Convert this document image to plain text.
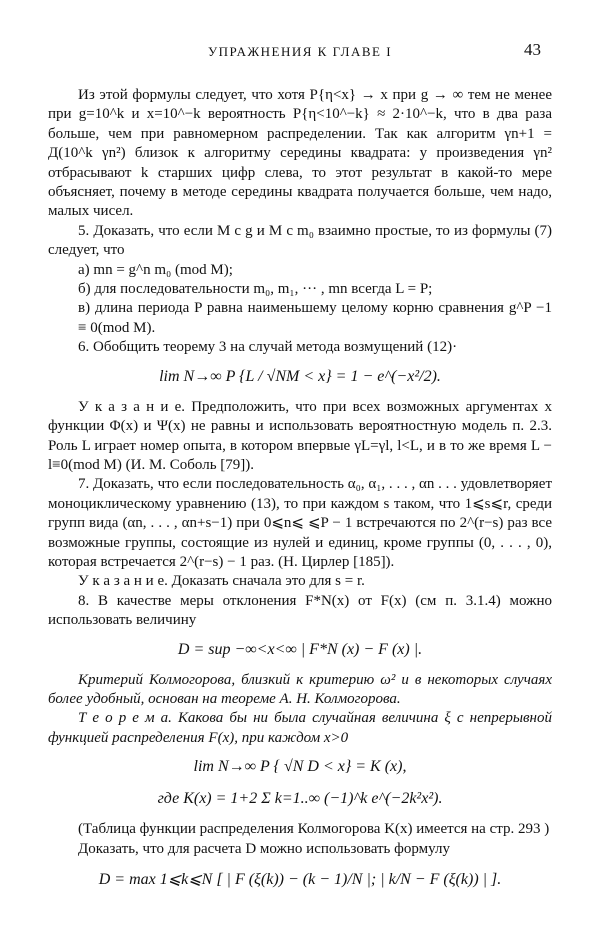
УПРАЖНЕНИЯ К ГЛАВЕ I	43

Из этой формулы следует, что хотя P{η<x} → x при g → ∞ тем не менее при g=10^k и x=10^−k вероятность P{η<10^−k} ≈ 2·10^−k, что в два раза больше, чем при равномерном распределении. Так как алгоритм γn+1 = Д(10^k γn²) близок к алгоритму середины квадрата: у произведения γn² отбрасывают k старших цифр слева, то этот результат в какой-то мере объясняет, почему в методе середины квадрата получается больше, чем надо, малых чисел.

5. Доказать, что если M c g и M c m₀ взаимно простые, то из формулы (7) следует, что

а) mn = g^n m₀ (mod M);

б) для последовательности m₀, m₁, ··· , mn всегда L = P;

в) длина периода P равна наименьшему целому корню сравнения g^P −1 ≡ 0(mod M).

6. Обобщить теорему 3 на случай метода возмущений (12)·

lim N→∞ P {L / √NM < x} = 1 − e^(−x²/2).

У к а з а н и е. Предположить, что при всех возможных аргументах x функции Φ(x) и Ψ(x) не равны и использовать вероятностную модель п. 2.3. Роль L играет номер опыта, в котором впервые γL=γl, l<L, и в то же время L − l≡0(mod M) (И. М. Соболь [79]).

7. Доказать, что если последовательность α₀, α₁, . . . , αn . . . удовлетворяет моноциклическому уравнению (13), то при каждом s таком, что 1⩽s⩽r, среди групп вида (αn, . . . , αn+s−1) при 0⩽n⩽ ⩽P − 1 встречаются по 2^(r−s) раз все возможные группы, состоящие из нулей и единиц, кроме группы (0, . . . , 0), которая встречается 2^(r−s) − 1 раз. (Н. Цирлер [185]).

У к а з а н и е. Доказать сначала это для s = r.

8. В качестве меры отклонения F*N(x) от F(x) (см п. 3.1.4) можно использовать величину

D = sup −∞<x<∞ | F*N (x) − F (x) |.

Критерий Колмогорова, близкий к критерию ω² и в некоторых случаях более удобный, основан на теореме А. Н. Колмогорова.

Т е о р е м а. Какова бы ни была случайная величина ξ с непрерывной функцией распределения F(x), при каждом x>0

lim N→∞ P { √N D < x} = K (x),
где K(x) = 1+2 Σ k=1..∞ (−1)^k e^(−2k²x²).

(Таблица функции распределения Колмогорова K(x) имеется на стр. 293 )

Доказать, что для расчета D можно использовать формулу

D = max 1⩽k⩽N [ | F (ξ(k)) − (k − 1)/N |; | k/N − F (ξ(k)) | ].
